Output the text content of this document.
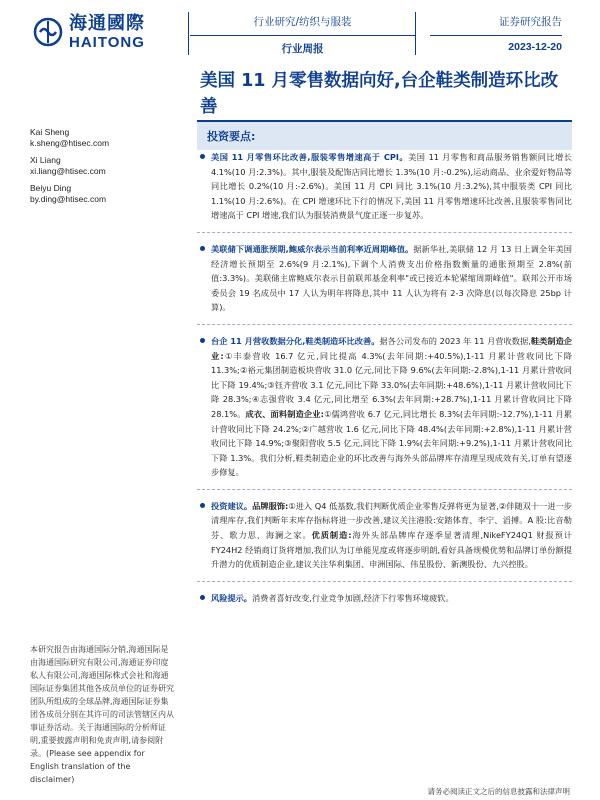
海通國際
HAITONG
行业研究/纺织与服装
行业周报
证券研究报告
2023-12-20
美国 11 月零售数据向好,台企鞋类制造环比改善
Kai Sheng
k.sheng@htisec.com
Xi Liang
xi.liang@htisec.com
Beiyu Ding
by.ding@htisec.com
本研究报告由海通国际分销,海通国际是由海通国际研究有限公司,海通证券印度私人有限公司,海通国际株式会社和海通国际证券集团其他各成员单位的证券研究团队所组成的全球品牌,海通国际证券集团各成员分别在其许可的司法管辖区内从事证券活动。关于海通国际的分析师证明,重要披露声明和免责声明,请参阅附录。(Please see appendix for English translation of the disclaimer)
投资要点:
美国 11 月零售环比改善,服装零售增速高于 CPI。美国 11 月零售和商品服务销售额同比增长 4.1%(10 月:2.3%)。其中,服装及配饰店同比增长 1.3%(10 月:-0.2%),运动商品、业余爱好物品等同比增长 0.2%(10 月:-2.6%)。美国 11 月 CPI 同比 3.1%(10 月:3.2%),其中服装类 CPI 同比 1.1%(10 月:2.6%)。在 CPI 增速环比下行的情况下,美国 11 月零售增速环比改善,且服装零售同比增速高于 CPI 增速,我们认为服装消费景气度正逐一步复苏。
美联储下调通胀预期,鲍威尔表示当前利率近周期峰值。据新华社,美联储 12 月 13 日上调全年美国经济增长预期至 2.6%(9 月:2.1%),下调个人消费支出价格指数衡量的通胀预期至 2.8%(前值:3.3%)。美联储主席鲍威尔表示目前联邦基金利率"或已接近本轮紧缩周期峰值"。联邦公开市场委员会 19 名成员中 17 人认为明年将降息,其中 11 人认为将有 2-3 次降息(以每次降息 25bp 计算)。
台企 11 月营收数据分化,鞋类制造环比改善。据各公司发布的 2023 年 11 月营收数据,鞋类制造企业:①丰泰营收 16.7 亿元,同比提高 4.3%(去年同期:+40.5%),1-11 月累计营收同比下降 11.3%;②裕元集团制造板块营收 31.0 亿元,同比下降 9.6%(去年同期:-2.8%),1-11 月累计营收同比下降 19.4%;③钰齐营收 3.1 亿元,同比下降 33.0%(去年同期:+48.6%),1-11 月累计营收同比下降 28.3%;④志强营收 3.4 亿元,同比增至 6.3%(去年同期:+28.7%),1-11 月累计营收同比下降 28.1%。成衣、面料制造企业:①儒鸿营收 6.7 亿元,同比增长 8.3%(去年同期:-12.7%),1-11 月累计营收同比下降 24.2%;②广越营收 1.6 亿元,同比下降 48.4%(去年同期:+2.8%),1-11 月累计营收同比下降 14.9%;③聚阳营收 5.5 亿元,同比下降 1.9%(去年同期:+9.2%),1-11 月累计营收同比下降 1.3%。我们分析,鞋类制造企业的环比改善与海外头部品牌库存清理呈现成效有关,订单有望逐步修复。
投资建议。品牌服饰:①进入 Q4 低基数,我们判断优质企业零售反弹将更为显著,②伴随双十一进一步清理库存,我们判断年末库存指标将进一步改善,建议关注港股:安踏体育、李宁、滔搏。A 股:比音勒芬、歌力思、海澜之家。优质制造:海外头部品牌库存逐季显著清理,NikeFY24Q1 财报预计 FY24H2 经销商订货将增加,我们认为订单能见度或将逐步明朗,看好具备规模优势和品牌订单份额提升潜力的优质制造企业,建议关注华利集团、申洲国际、伟星股份、新澳股份、九兴控股。
风险提示。消费者喜好改变,行业竞争加剧,经济下行零售环境疲软。
请务必阅读正文之后的信息披露和法律声明
